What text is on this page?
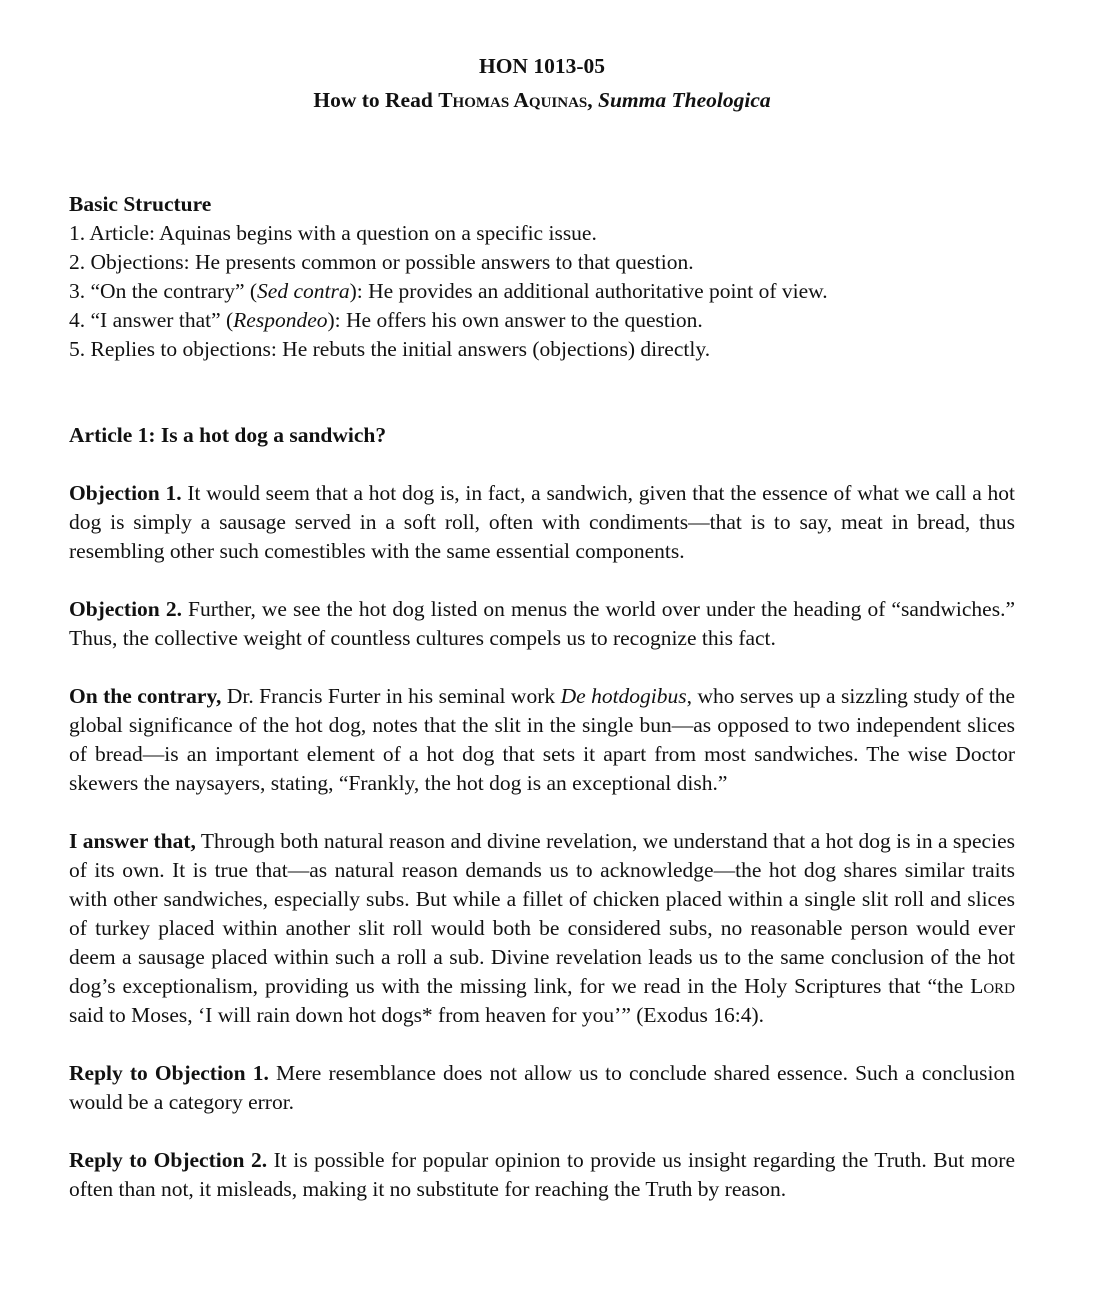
HON 1013-05
How to Read Thomas Aquinas, Summa Theologica
Basic Structure
1. Article: Aquinas begins with a question on a specific issue.
2. Objections: He presents common or possible answers to that question.
3. “On the contrary” (Sed contra): He provides an additional authoritative point of view.
4. “I answer that” (Respondeo): He offers his own answer to the question.
5. Replies to objections: He rebuts the initial answers (objections) directly.
Article 1: Is a hot dog a sandwich?

Objection 1. It would seem that a hot dog is, in fact, a sandwich, given that the essence of what we call a hot dog is simply a sausage served in a soft roll, often with condiments—that is to say, meat in bread, thus resembling other such comestibles with the same essential components.

Objection 2. Further, we see the hot dog listed on menus the world over under the heading of “sandwiches.” Thus, the collective weight of countless cultures compels us to recognize this fact.

On the contrary, Dr. Francis Furter in his seminal work De hotdogibus, who serves up a sizzling study of the global significance of the hot dog, notes that the slit in the single bun—as opposed to two independent slices of bread—is an important element of a hot dog that sets it apart from most sandwiches. The wise Doctor skewers the naysayers, stating, “Frankly, the hot dog is an exceptional dish.”

I answer that, Through both natural reason and divine revelation, we understand that a hot dog is in a species of its own. It is true that—as natural reason demands us to acknowledge—the hot dog shares similar traits with other sandwiches, especially subs. But while a fillet of chicken placed within a single slit roll and slices of turkey placed within another slit roll would both be considered subs, no reasonable person would ever deem a sausage placed within such a roll a sub. Divine revelation leads us to the same conclusion of the hot dog’s exceptionalism, providing us with the missing link, for we read in the Holy Scriptures that “the Lord said to Moses, ‘I will rain down hot dogs* from heaven for you’” (Exodus 16:4).

Reply to Objection 1. Mere resemblance does not allow us to conclude shared essence. Such a conclusion would be a category error.

Reply to Objection 2. It is possible for popular opinion to provide us insight regarding the Truth. But more often than not, it misleads, making it no substitute for reaching the Truth by reason.
